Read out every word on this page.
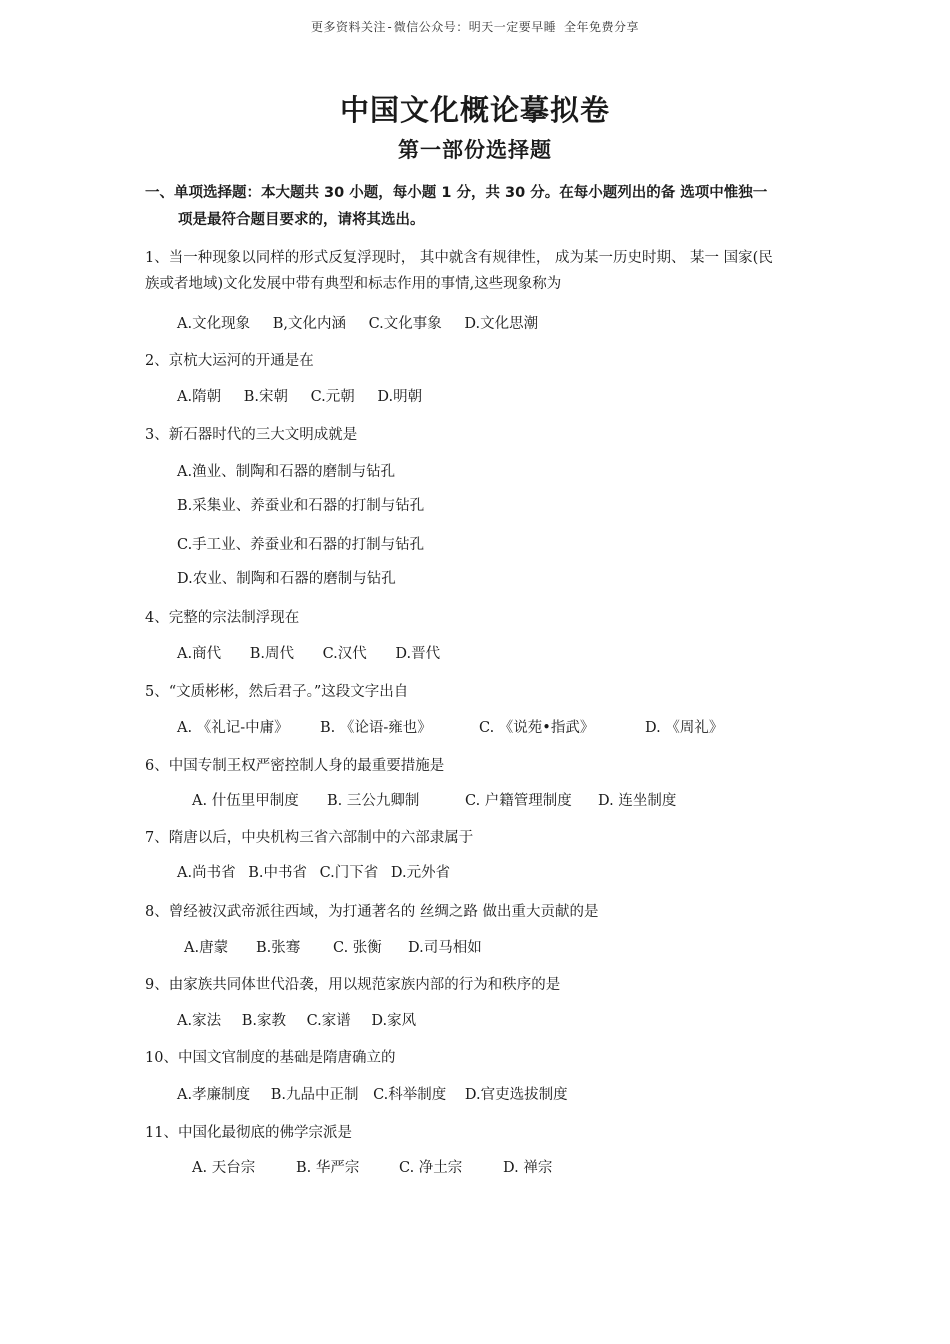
更多资料关注-微信公众号：明天一定要早睡 全年免费分享
中国文化概论摹拟卷
第一部份选择题
一、单项选择题：本大题共 30 小题，每小题 1 分，共 30 分。在每小题列出的备 选项中惟独一
项是最符合题目要求的，请将其选出。
1、当一种现象以同样的形式反复浮现时， 其中就含有规律性， 成为某一历史时期、 某一 国家(民
族或者地域)文化发展中带有典型和标志作用的事情,这些现象称为
A.文化现象 B,文化内涵 C.文化事象 D.文化思潮
2、京杭大运河的开通是在
A.隋朝 B.宋朝 C.元朝 D.明朝
3、新石器时代的三大文明成就是
A.渔业、制陶和石器的磨制与钻孔
B.采集业、养蚕业和石器的打制与钻孔
C.手工业、养蚕业和石器的打制与钻孔
D.农业、制陶和石器的磨制与钻孔
4、完整的宗法制浮现在
A.商代 B.周代 C.汉代 D.晋代
5、“文质彬彬，然后君子。”这段文字出自
A. 《礼记-中庸》 B. 《论语-雍也》	C. 《说苑•指武》	D. 《周礼》
6、中国专制王权严密控制人身的最重要措施是
A. 什伍里甲制度 B. 三公九卿制	C. 户籍管理制度 D. 连坐制度
7、隋唐以后，中央机构三省六部制中的六部隶属于
A.尚书省 B.中书省 C.门下省 D.元外省
8、曾经被汉武帝派往西域，为打通著名的 丝绸之路 做出重大贡献的是
A.唐蒙 B.张骞 C. 张衡 D.司马相如
9、由家族共同体世代沿袭，用以规范家族内部的行为和秩序的是
A.家法 B.家教 C.家谱 D.家风
10、中国文官制度的基础是隋唐确立的
A.孝廉制度 B.九品中正制 C.科举制度 D.官吏选拔制度
11、中国化最彻底的佛学宗派是
A. 天台宗	B. 华严宗	C. 净土宗	D. 禅宗
